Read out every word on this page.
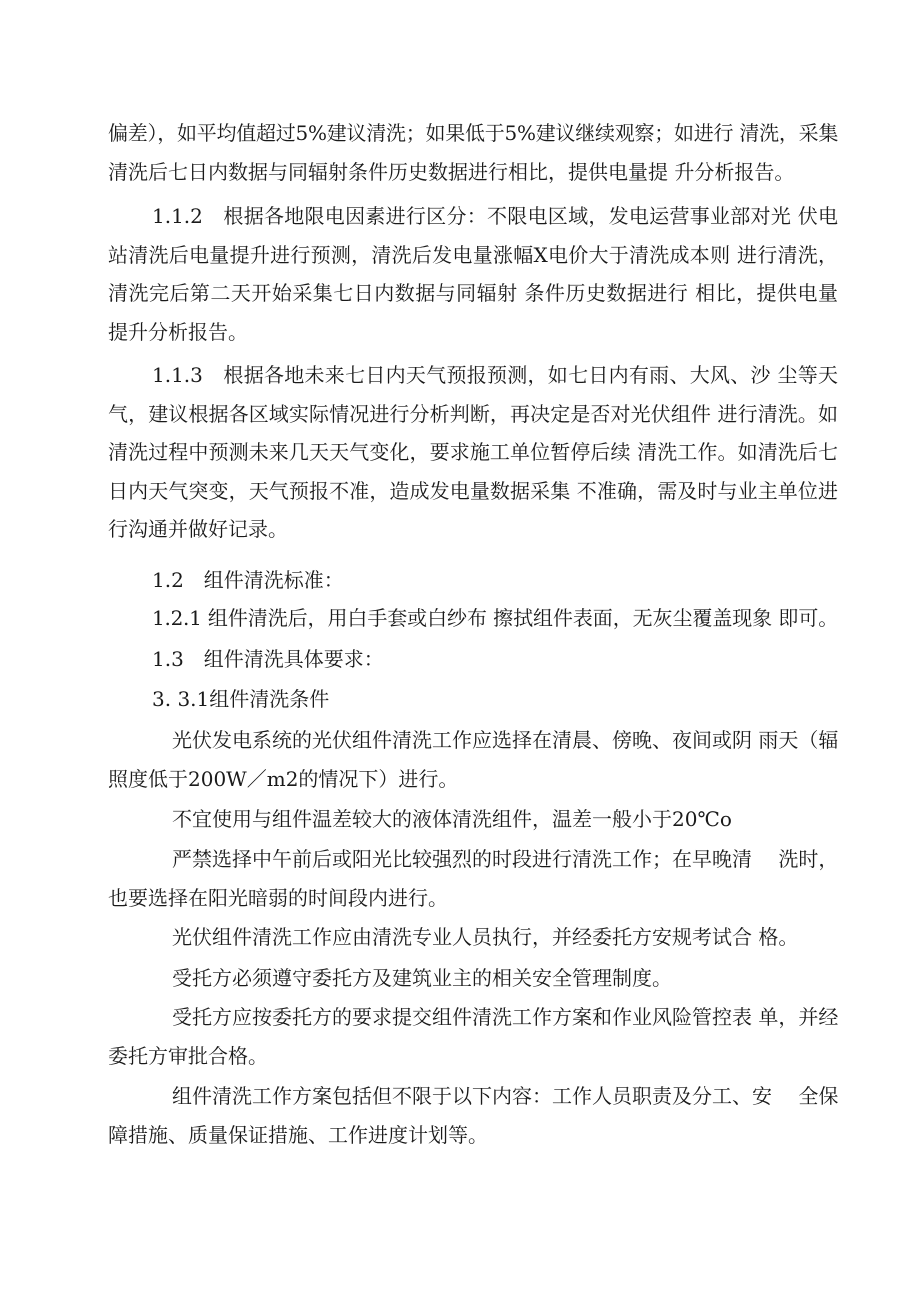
偏差），如平均值超过5%建议清洗；如果低于5%建议继续观察；如进行 清洗，采集
清洗后七日内数据与同辐射条件历史数据进行相比，提供电量提 升分析报告。

1.1.2　根据各地限电因素进行区分：不限电区域，发电运营事业部对光 伏电
站清洗后电量提升进行预测，清洗后发电量涨幅X电价大于清洗成本则 进行清洗，
清洗完后第二天开始采集七日内数据与同辐射 条件历史数据进行 相比，提供电量
提升分析报告。

1.1.3　根据各地未来七日内天气预报预测，如七日内有雨、大风、沙 尘等天
气，建议根据各区域实际情况进行分析判断，再决定是否对光伏组件 进行清洗。如
清洗过程中预测未来几天天气变化，要求施工单位暂停后续 清洗工作。如清洗后七
日内天气突变，天气预报不准，造成发电量数据采集 不准确，需及时与业主单位进
行沟通并做好记录。

1.2　组件清洗标准：

1.2.1 组件清洗后，用白手套或白纱布 擦拭组件表面，无灰尘覆盖现象 即可。

1.3　组件清洗具体要求：

3. 3.1组件清洗条件

光伏发电系统的光伏组件清洗工作应选择在清晨、傍晚、夜间或阴 雨天（辐
照度低于200W／m2的情况下）进行。

不宜使用与组件温差较大的液体清洗组件，温差一般小于20℃o

严禁选择中午前后或阳光比较强烈的时段进行清洗工作；在早晚清　 洗时，
也要选择在阳光暗弱的时间段内进行。

光伏组件清洗工作应由清洗专业人员执行，并经委托方安规考试合 格。

受托方必须遵守委托方及建筑业主的相关安全管理制度。

受托方应按委托方的要求提交组件清洗工作方案和作业风险管控表 单，并经
委托方审批合格。

组件清洗工作方案包括但不限于以下内容：工作人员职责及分工、安　 全保
障措施、质量保证措施、工作进度计划等。
